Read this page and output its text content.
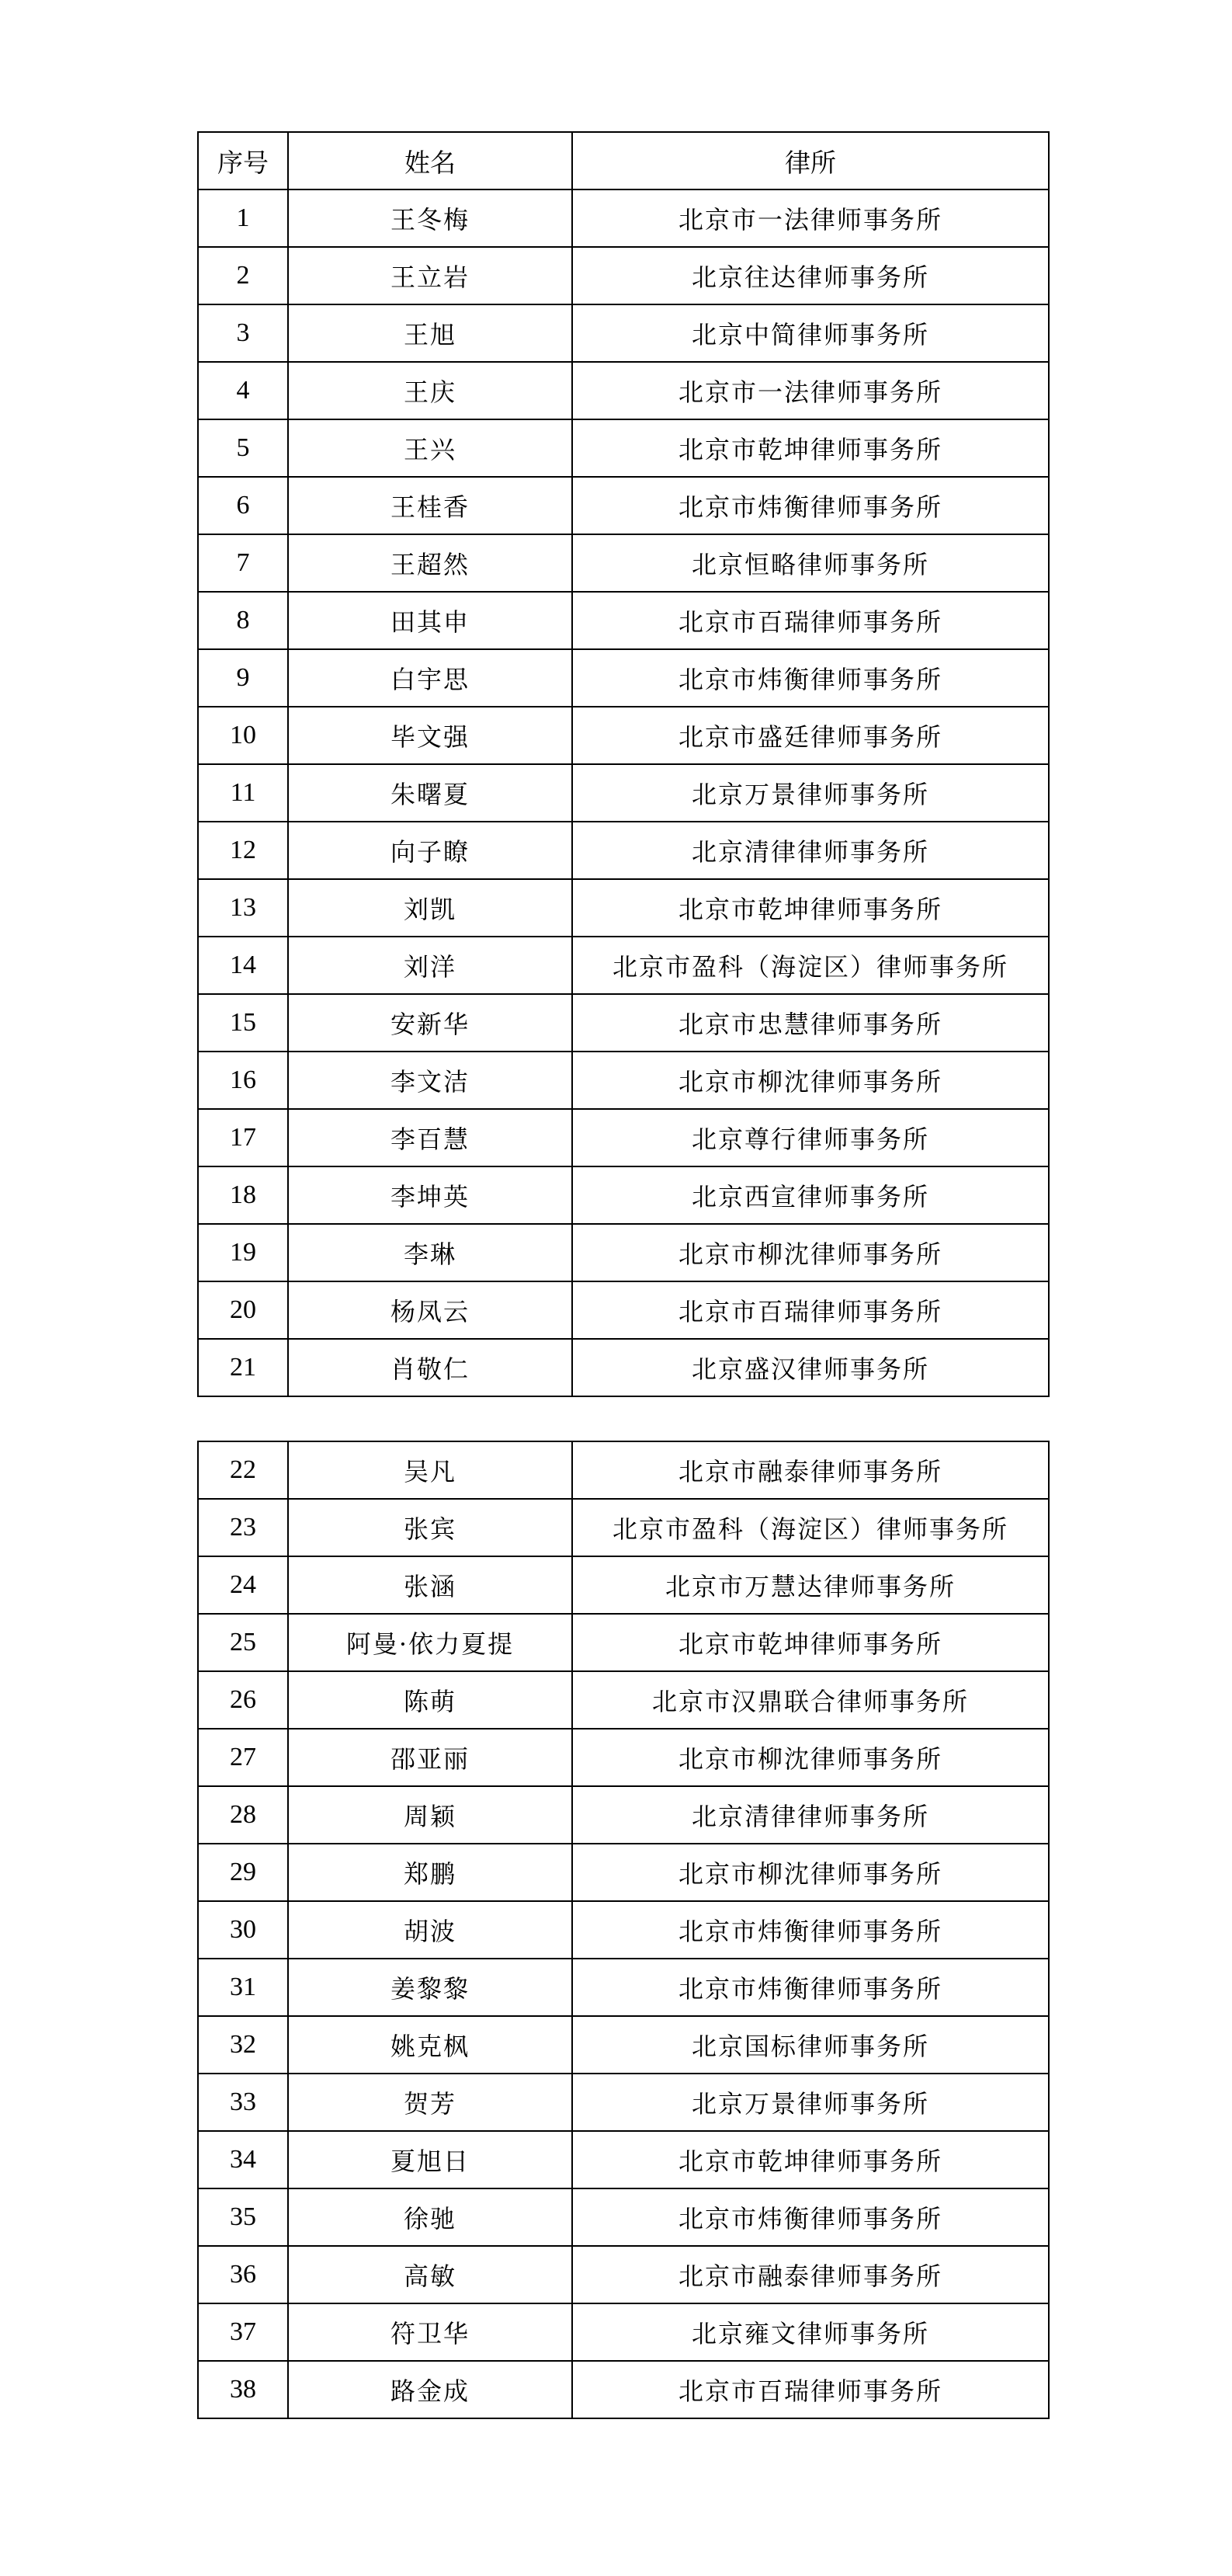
序号	姓名	律所
1	王冬梅	北京市一法律师事务所
2	王立岩	北京往达律师事务所
3	王旭	北京中简律师事务所
4	王庆	北京市一法律师事务所
5	王兴	北京市乾坤律师事务所
6	王桂香	北京市炜衡律师事务所
7	王超然	北京恒略律师事务所
8	田其申	北京市百瑞律师事务所
9	白宇思	北京市炜衡律师事务所
10	毕文强	北京市盛廷律师事务所
11	朱曙夏	北京万景律师事务所
12	向子瞭	北京清律律师事务所
13	刘凯	北京市乾坤律师事务所
14	刘洋	北京市盈科（海淀区）律师事务所
15	安新华	北京市忠慧律师事务所
16	李文洁	北京市柳沈律师事务所
17	李百慧	北京尊行律师事务所
18	李坤英	北京西宣律师事务所
19	李琳	北京市柳沈律师事务所
20	杨凤云	北京市百瑞律师事务所
21	肖敬仁	北京盛汉律师事务所
22	吴凡	北京市融泰律师事务所
23	张宾	北京市盈科（海淀区）律师事务所
24	张涵	北京市万慧达律师事务所
25	阿曼·依力夏提	北京市乾坤律师事务所
26	陈萌	北京市汉鼎联合律师事务所
27	邵亚丽	北京市柳沈律师事务所
28	周颖	北京清律律师事务所
29	郑鹏	北京市柳沈律师事务所
30	胡波	北京市炜衡律师事务所
31	姜黎黎	北京市炜衡律师事务所
32	姚克枫	北京国标律师事务所
33	贺芳	北京万景律师事务所
34	夏旭日	北京市乾坤律师事务所
35	徐驰	北京市炜衡律师事务所
36	高敏	北京市融泰律师事务所
37	符卫华	北京雍文律师事务所
38	路金成	北京市百瑞律师事务所
